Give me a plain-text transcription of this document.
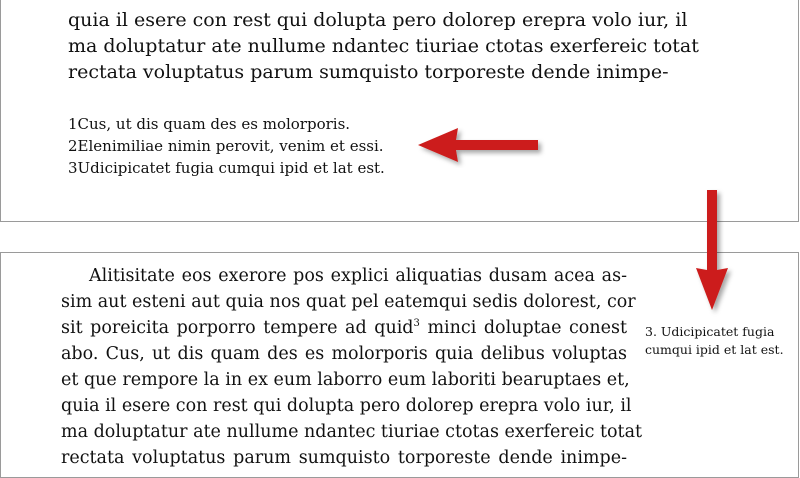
quia il esere con rest qui dolupta pero dolorep erepra volo iur, il
ma doluptatur ate nullume ndantec tiuriae ctotas exerfereic totat
rectata voluptatus parum sumquisto torporeste dende inimpe-
1Cus, ut dis quam des es molorporis.
2Elenimiliae nimin perovit, venim et essi.
3Udicipicatet fugia cumqui ipid et lat est.
Alitisitate eos exerore pos explici aliquatias dusam acea as-
sim aut esteni aut quia nos quat pel eatemqui sedis dolorest, cor
sit poreicita porporro tempere ad quid$^3$ minci doluptae conest
abo. Cus, ut dis quam des es molorporis quia delibus voluptas
et que rempore la in ex eum laborro eum laboriti bearuptaes et,
quia il esere con rest qui dolupta pero dolorep erepra volo iur, il
ma doluptatur ate nullume ndantec tiuriae ctotas exerfereic totat
rectata voluptatus parum sumquisto torporeste dende inimpe-
3. Udicipicatet fugia cumqui ipid et lat est.
